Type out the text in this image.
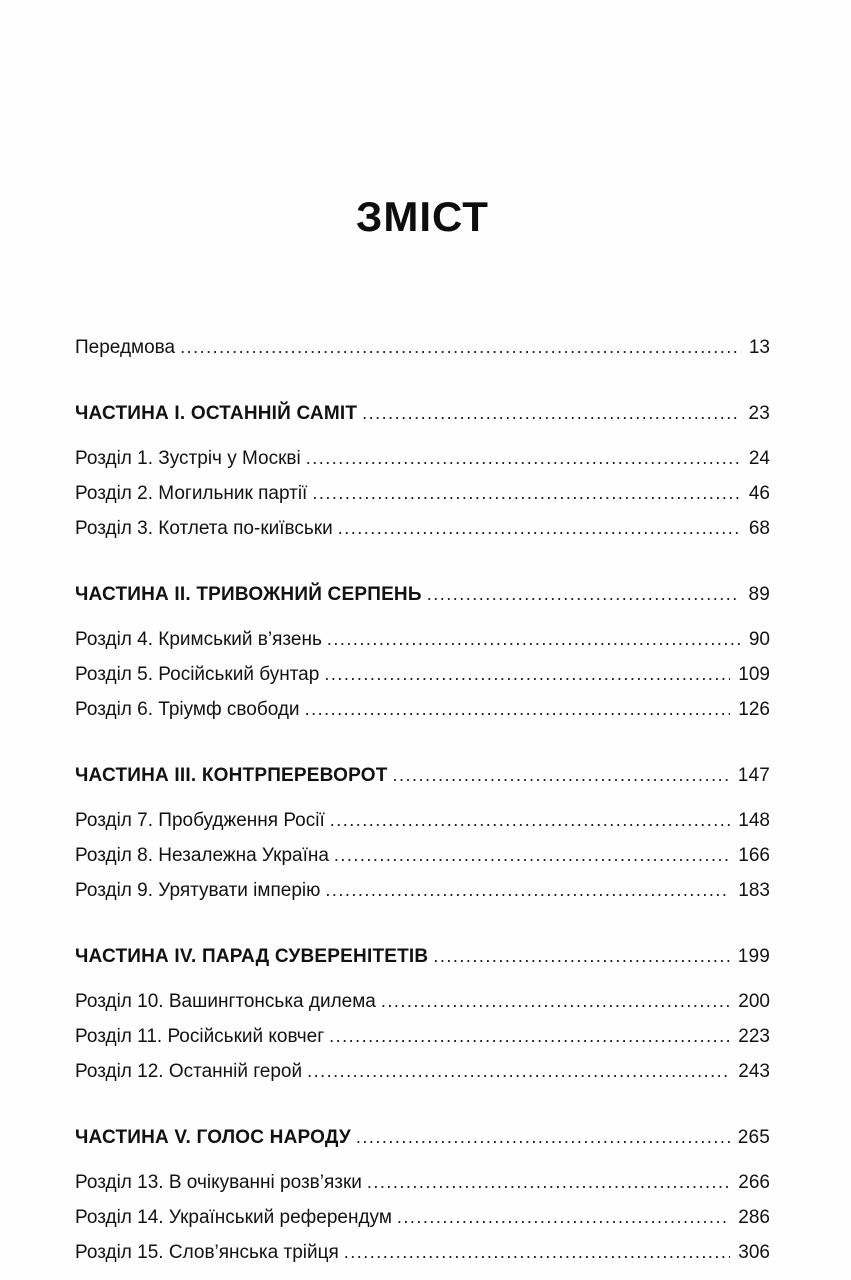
ЗМІСТ
Передмова .....	13
ЧАСТИНА I. ОСТАННІЙ САМІТ .....	23
Розділ 1. Зустріч у Москві .....	24
Розділ 2. Могильник партії .....	46
Розділ 3. Котлета по-київськи .....	68
ЧАСТИНА II. ТРИВОЖНИЙ СЕРПЕНЬ .....	89
Розділ 4. Кримський в’язень .....	90
Розділ 5. Російський бунтар .....	109
Розділ 6. Тріумф свободи .....	126
ЧАСТИНА III. КОНТРПЕРЕВОРОТ .....	147
Розділ 7. Пробудження Росії .....	148
Розділ 8. Незалежна Україна .....	166
Розділ 9. Урятувати імперію .....	183
ЧАСТИНА IV. ПАРАД СУВЕРЕНІТЕТІВ .....	199
Розділ 10. Вашингтонська дилема .....	200
Розділ 11. Російський ковчег .....	223
Розділ 12. Останній герой .....	243
ЧАСТИНА V. ГОЛОС НАРОДУ .....	265
Розділ 13. В очікуванні розв’язки .....	266
Розділ 14. Український референдум .....	286
Розділ 15. Слов’янська трійця .....	306
